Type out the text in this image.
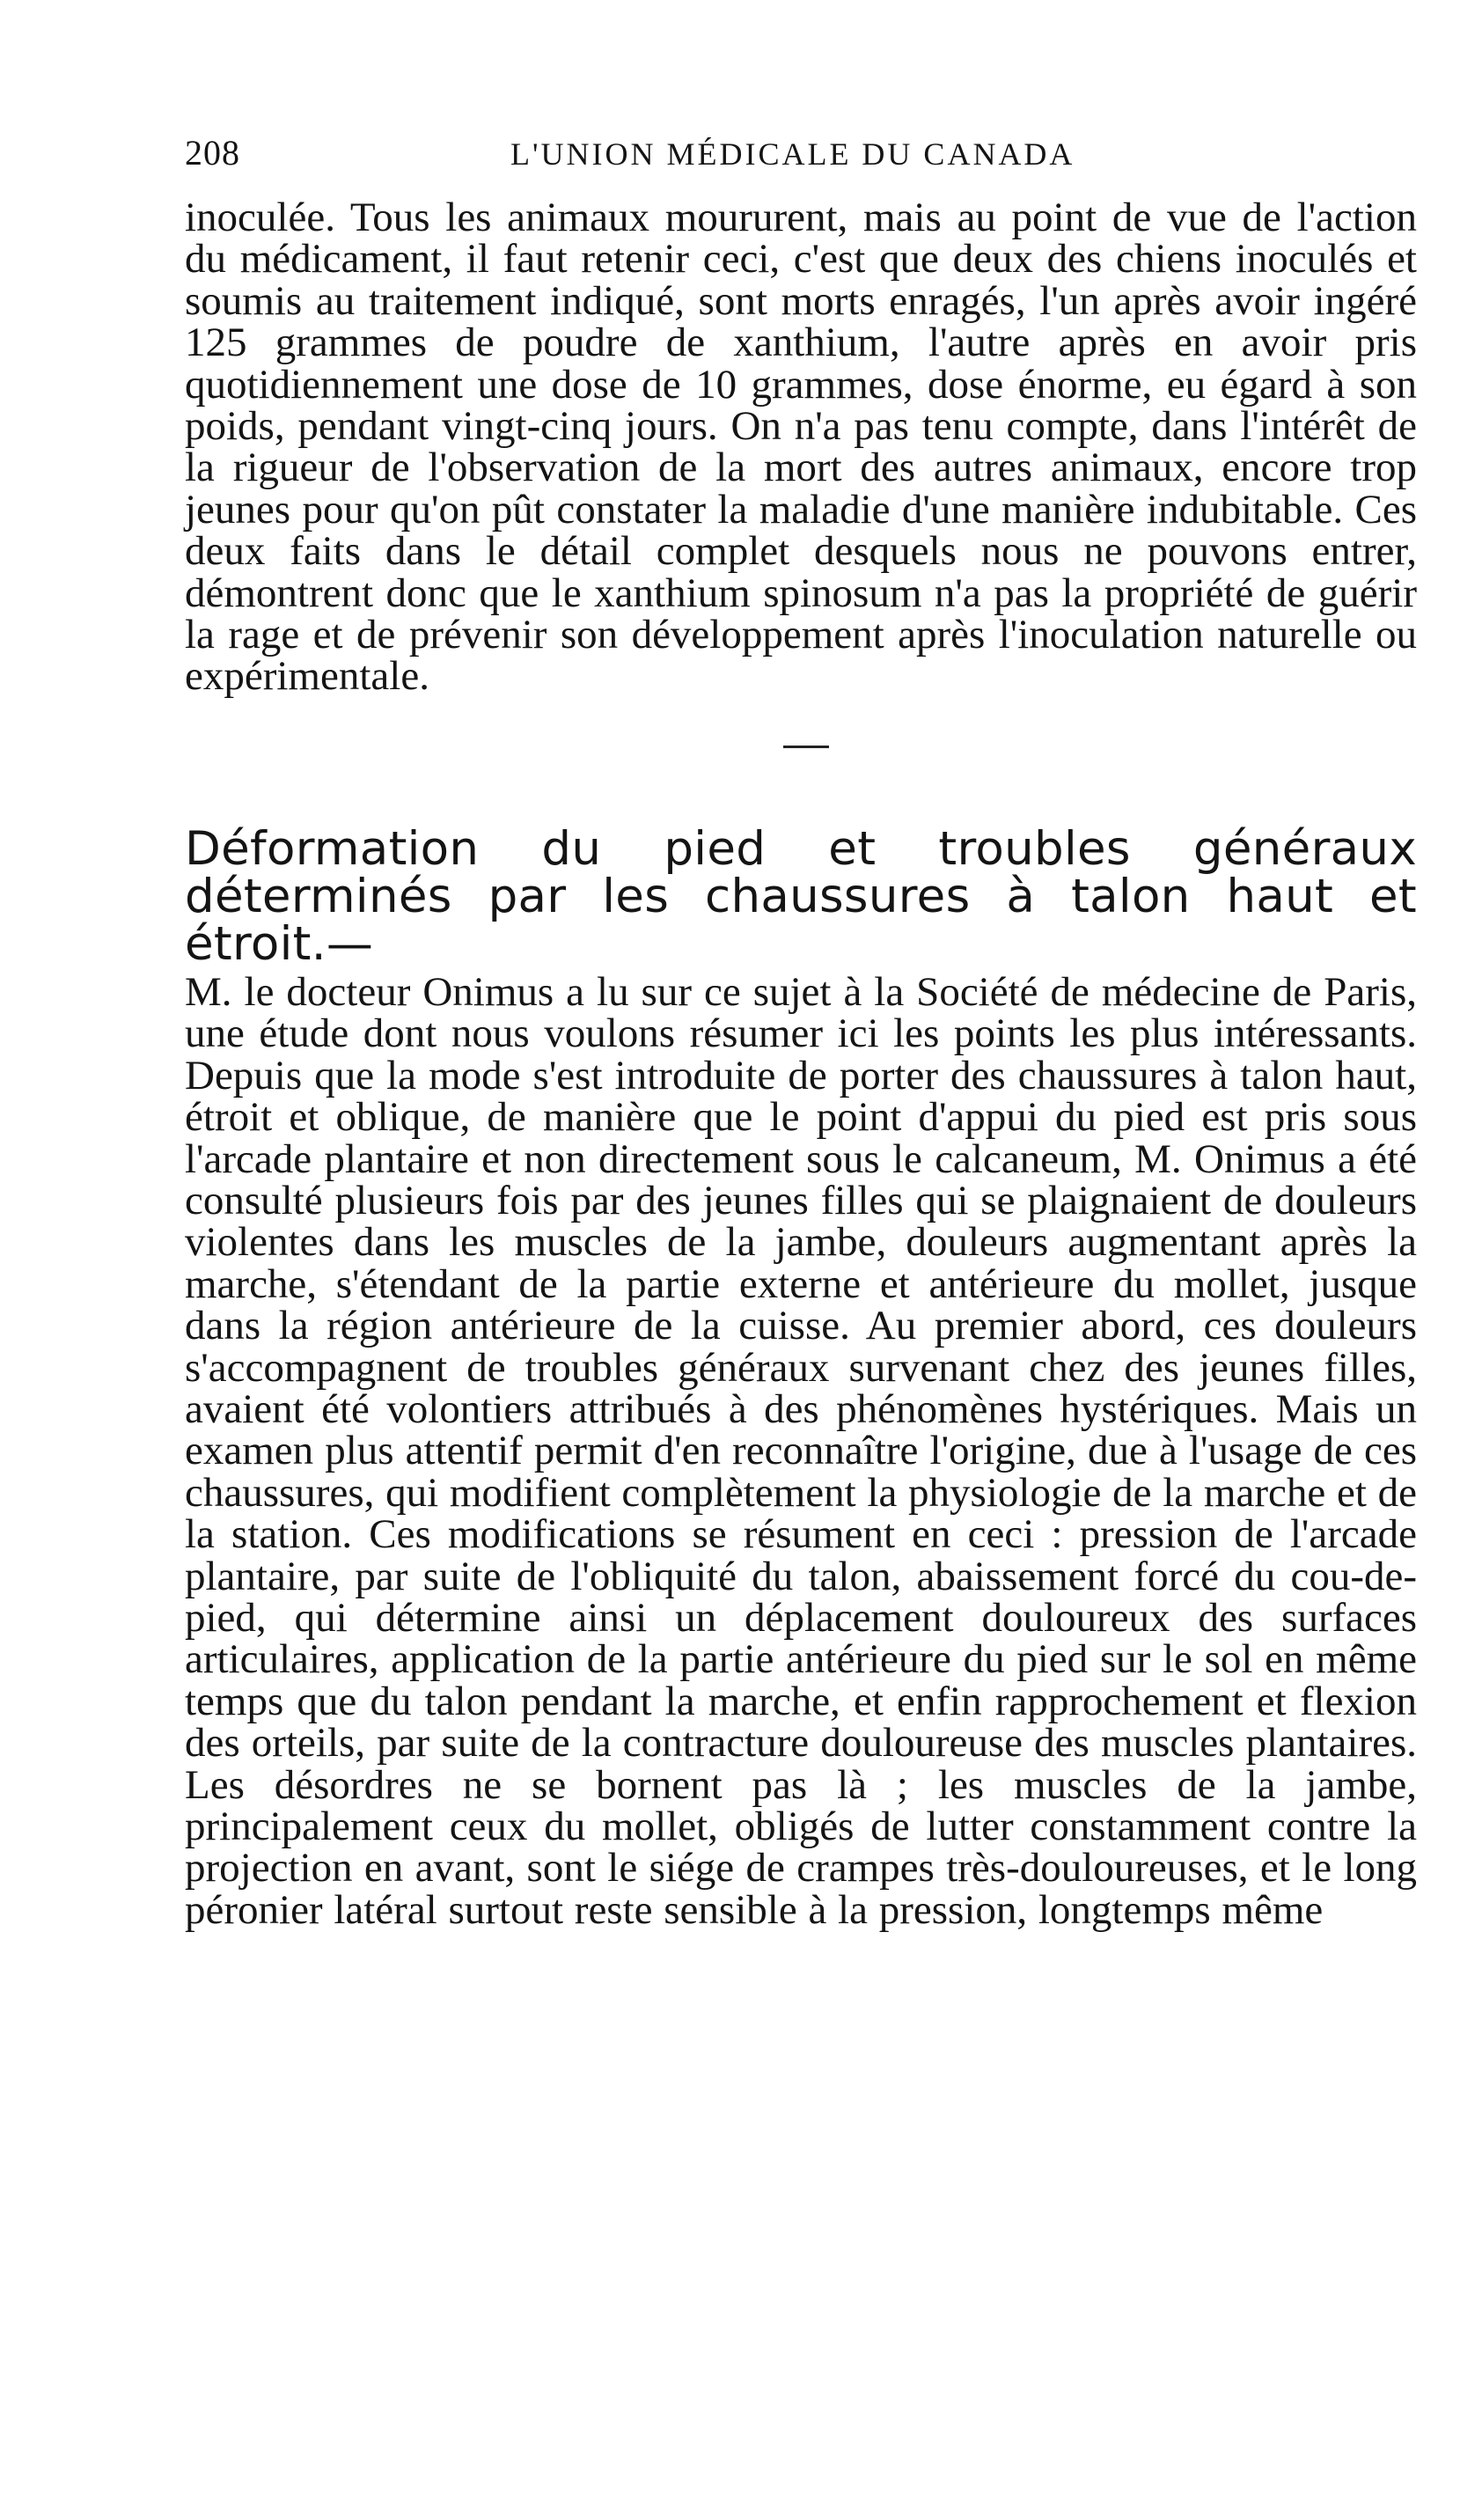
208	L'UNION MÉDICALE DU CANADA

inoculée. Tous les animaux moururent, mais au point de vue de l'action du médicament, il faut retenir ceci, c'est que deux des chiens inoculés et soumis au traitement indiqué, sont morts enragés, l'un après avoir ingéré 125 grammes de poudre de xanthium, l'autre après en avoir pris quotidiennement une dose de 10 grammes, dose énorme, eu égard à son poids, pendant vingt-cinq jours. On n'a pas tenu compte, dans l'intérêt de la rigueur de l'observation de la mort des autres animaux, encore trop jeunes pour qu'on pût constater la maladie d'une manière indubitable. Ces deux faits dans le détail complet desquels nous ne pouvons entrer, démontrent donc que le xanthium spinosum n'a pas la propriété de guérir la rage et de prévenir son développement après l'inoculation naturelle ou expérimentale.

Déformation du pied et troubles généraux déterminés par les chaussures à talon haut et étroit.—

M. le docteur Onimus a lu sur ce sujet à la Société de médecine de Paris, une étude dont nous voulons résumer ici les points les plus intéressants. Depuis que la mode s'est introduite de porter des chaussures à talon haut, étroit et oblique, de manière que le point d'appui du pied est pris sous l'arcade plantaire et non directement sous le calcaneum, M. Onimus a été consulté plusieurs fois par des jeunes filles qui se plaignaient de douleurs violentes dans les muscles de la jambe, douleurs augmentant après la marche, s'étendant de la partie externe et antérieure du mollet, jusque dans la région antérieure de la cuisse. Au premier abord, ces douleurs s'accompagnent de troubles généraux survenant chez des jeunes filles, avaient été volontiers attribués à des phénomènes hystériques. Mais un examen plus attentif permit d'en reconnaître l'origine, due à l'usage de ces chaussures, qui modifient complètement la physiologie de la marche et de la station. Ces modifications se résument en ceci : pression de l'arcade plantaire, par suite de l'obliquité du talon, abaissement forcé du cou-de-pied, qui détermine ainsi un déplacement douloureux des surfaces articulaires, application de la partie antérieure du pied sur le sol en même temps que du talon pendant la marche, et enfin rapprochement et flexion des orteils, par suite de la contracture douloureuse des muscles plantaires. Les désordres ne se bornent pas là ; les muscles de la jambe, principalement ceux du mollet, obligés de lutter constamment contre la projection en avant, sont le siége de crampes très-douloureuses, et le long péronier latéral surtout reste sensible à la pression, longtemps même
